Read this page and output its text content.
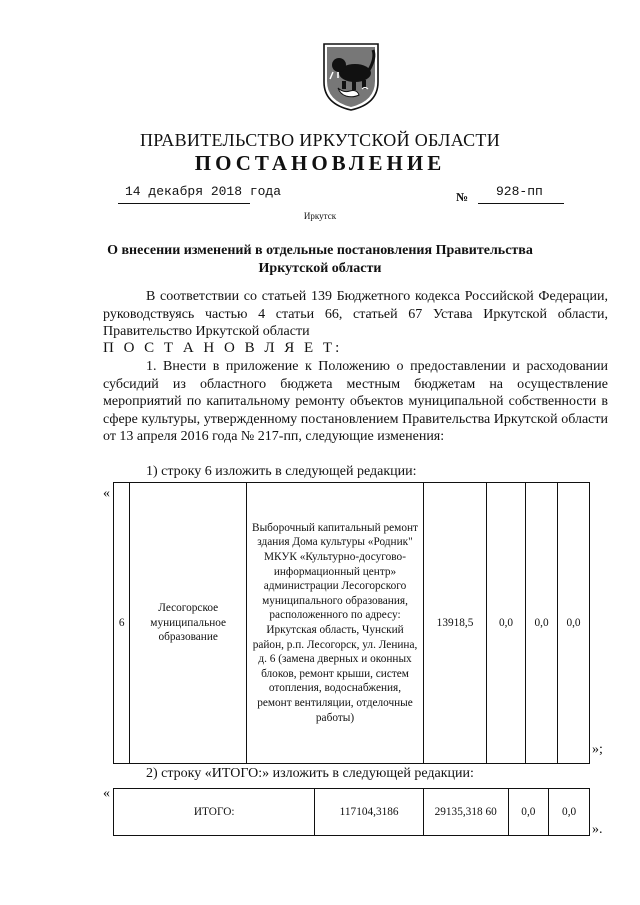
ПРАВИТЕЛЬСТВО ИРКУТСКОЙ ОБЛАСТИ
ПОСТАНОВЛЕНИЕ
14 декабря 2018 года	№ 928-пп
Иркутск
О внесении изменений в отдельные постановления Правительства
Иркутской области

В соответствии со статьей 139 Бюджетного кодекса Российской Федерации, руководствуясь частью 4 статьи 66, статьей 67 Устава Иркутской области, Правительство Иркутской области

П О С Т А Н О В Л Я Е Т:

1. Внести в приложение к Положению о предоставлении и расходовании субсидий из областного бюджета местным бюджетам на осуществление мероприятий по капитальному ремонту объектов муниципальной собственности в сфере культуры, утвержденному постановлением Правительства Иркутской области от 13 апреля 2016 года № 217-пп, следующие изменения:

1) строку 6 изложить в следующей редакции:

«
6	Лесогорское муниципальное образование	Выборочный капитальный ремонт здания Дома культуры «Родник" МКУК «Культурно-досугово-информационный центр» администрации Лесогорского муниципального образования, расположенного по адресу: Иркутская область, Чунский район, р.п. Лесогорск, ул. Ленина, д. 6 (замена дверных и оконных блоков, ремонт крыши, систем отопления, водоснабжения, ремонт вентиляции, отделочные работы)	13918,5	0,0	0,0	0,0
»;

2) строку «ИТОГО:» изложить в следующей редакции:

«
ИТОГО:	117104,3186	29135,318 60	0,0	0,0
».
